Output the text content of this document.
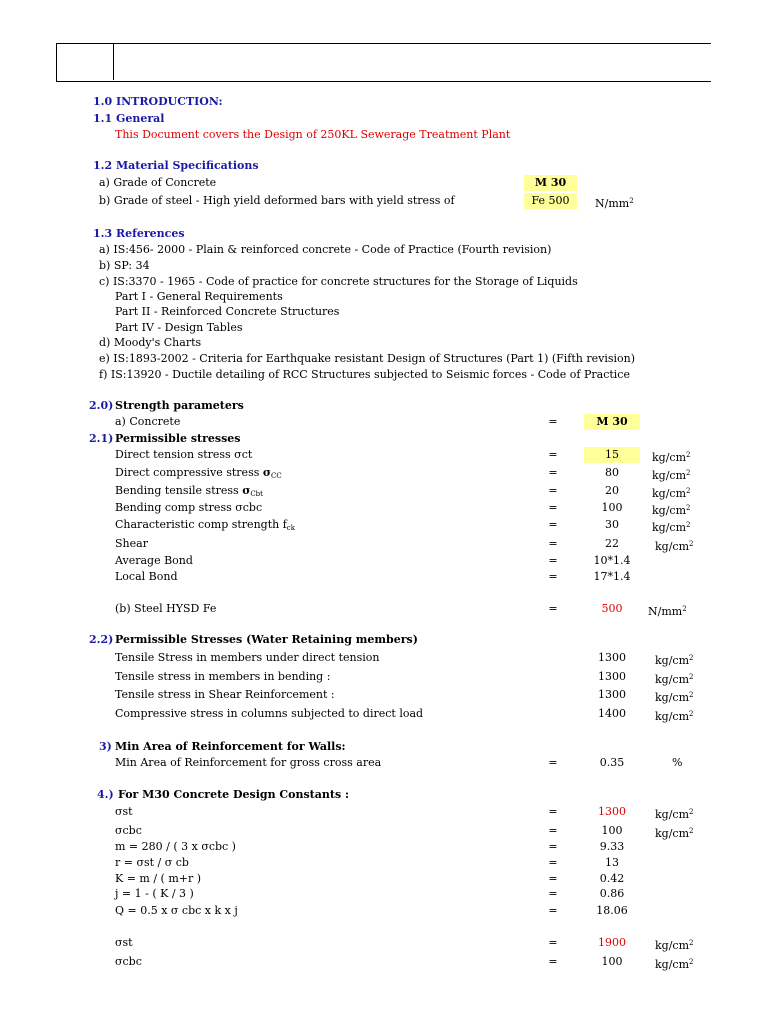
1.0 INTRODUCTION:
1.1 General
This Document covers the Design of 250KL Sewerage Treatment Plant
1.2 Material Specifications
a) Grade of Concrete	M 30
b) Grade of steel - High yield deformed bars with yield stress of	Fe 500	$N/mm^2$
1.3 References
a) IS:456- 2000 - Plain & reinforced concrete - Code of Practice (Fourth revision)
b) SP: 34
c) IS:3370 - 1965 - Code of practice for concrete structures for the Storage of Liquids
Part I - General Requirements
Part II - Reinforced Concrete Structures
Part IV - Design Tables
d) Moody's Charts
e) IS:1893-2002 - Criteria for Earthquake resistant Design of Structures (Part 1) (Fifth revision)
f) IS:13920 - Ductile detailing of RCC Structures subjected to Seismic forces - Code of Practice
2.0) Strength parameters
a) Concrete	=	M 30
2.1) Permissible stresses
Direct tension stress σct	=	15	$kg/cm^2$
Direct compressive stress $\sigma_{CC}$	=	80	$kg/cm^2$
Bending tensile stress $\sigma_{Cbt}$	=	20	$kg/cm^2$
Bending comp stress σcbc	=	100	$kg/cm^2$
Characteristic comp strength $f_{ck}$	=	30	$kg/cm^2$
Shear	=	22	$kg/cm^2$
Average Bond	=	10*1.4
Local Bond	=	17*1.4
(b) Steel HYSD Fe	=	500	$N/mm^2$
2.2) Permissible Stresses (Water Retaining members)
Tensile Stress in members under direct tension	1300	$kg/cm^2$
Tensile stress in members in bending :	1300	$kg/cm^2$
Tensile stress in Shear Reinforcement :	1300	$kg/cm^2$
Compressive stress in columns subjected to direct load	1400	$kg/cm^2$
3) Min Area of Reinforcement for Walls:
Min Area of Reinforcement for gross cross area	=	0.35	%
4.) For M30 Concrete Design Constants :
σst	=	1300	$kg/cm^2$
σcbc	=	100	$kg/cm^2$
m = 280 / ( 3 x σcbc )	=	9.33
r = σst / σ cb	=	13
K = m / ( m+r )	=	0.42
j = 1 - ( K / 3 )	=	0.86
Q = 0.5 x σ cbc x k x j	=	18.06
σst	=	1900	$kg/cm^2$
σcbc	=	100	$kg/cm^2$
